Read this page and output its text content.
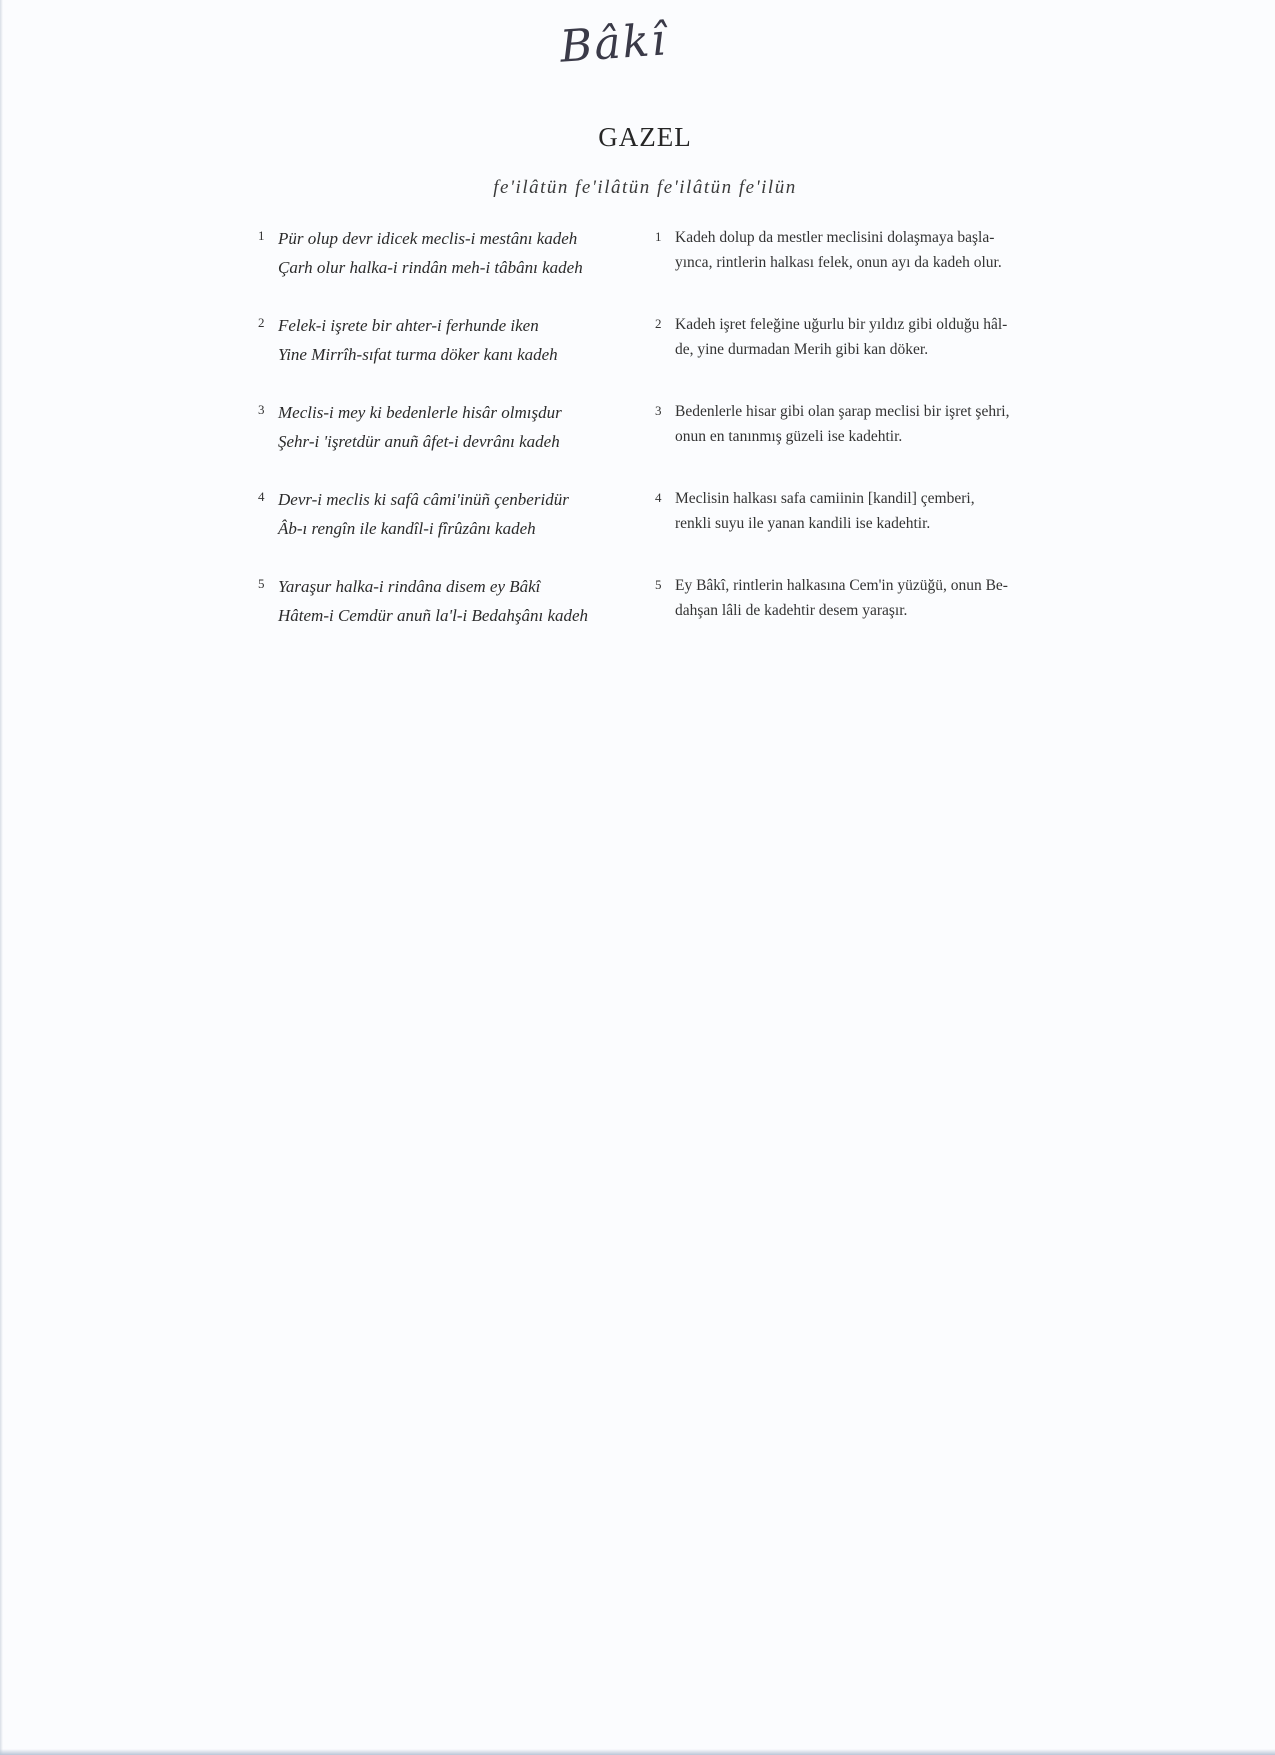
Bâkî
GAZEL
fe'ilâtün fe'ilâtün fe'ilâtün fe'ilün
1 Pür olup devr idicek meclis-i mestânı kadeh
Çarh olur halka-i rindân meh-i tâbânı kadeh
2 Felek-i işrete bir ahter-i ferhunde iken
Yine Mirrîh-sıfat turma döker kanı kadeh
3 Meclis-i mey ki bedenlerle hisâr olmışdur
Şehr-i 'işretdür anuñ âfet-i devrânı kadeh
4 Devr-i meclis ki safâ câmi'inüñ çenberidür
Âb-ı rengîn ile kandîl-i fîrûzânı kadeh
5 Yaraşur halka-i rindâna disem ey Bâkî
Hâtem-i Cemdür anuñ la'l-i Bedahşânı kadeh
1 Kadeh dolup da mestler meclisini dolaşmaya başla-
yınca, rintlerin halkası felek, onun ayı da kadeh olur.
2 Kadeh işret feleğine uğurlu bir yıldız gibi olduğu hâl-
de, yine durmadan Merih gibi kan döker.
3 Bedenlerle hisar gibi olan şarap meclisi bir işret şehri,
onun en tanınmış güzeli ise kadehtir.
4 Meclisin halkası safa camiinin [kandil] çemberi,
renkli suyu ile yanan kandili ise kadehtir.
5 Ey Bâkî, rintlerin halkasına Cem'in yüzüğü, onun Be-
dahşan lâli de kadehtir desem yaraşır.
